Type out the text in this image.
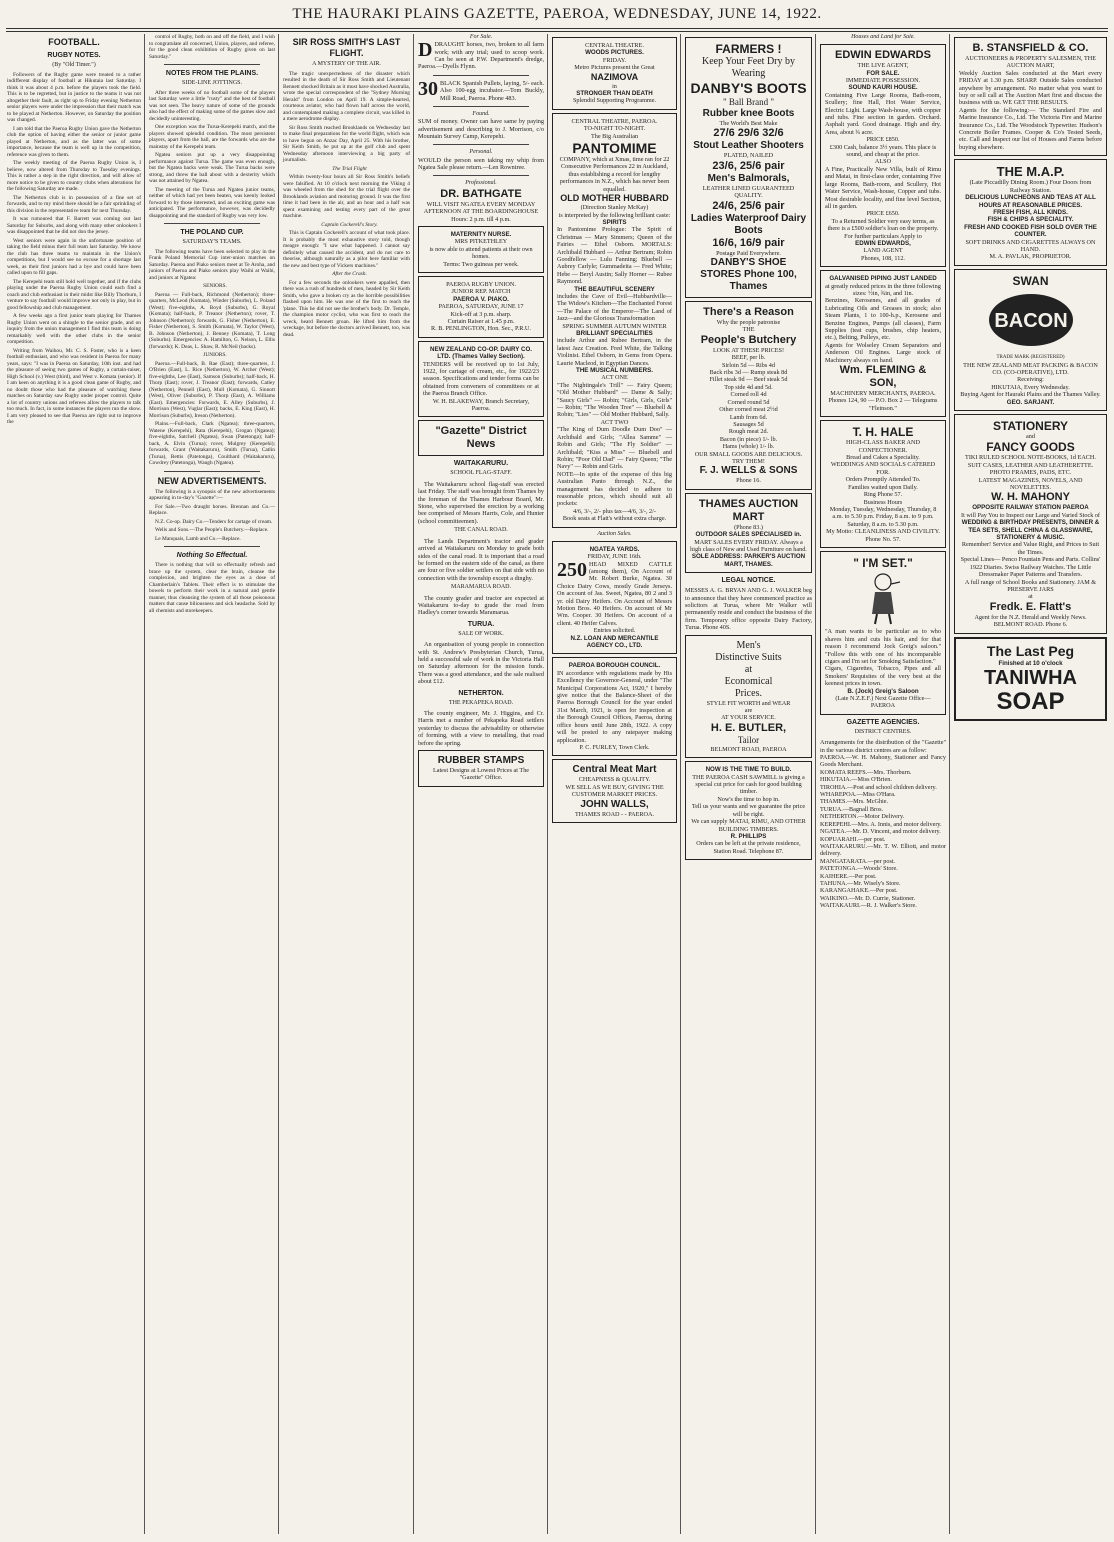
THE HAURAKI PLAINS GAZETTE, PAEROA, WEDNESDAY, JUNE 14, 1922.
FOOTBALL.
RUGBY NOTES.
(By "Old Timer.")

Followers of the Rugby game were treated to a rather indifferent display of football at Hikutaia last Saturday. I think it was about 4 p.m. before the players took the field. This is to be regretted, but in justice to the teams it was not altogether their fault, as right up to Friday evening Netherton senior players were under the impression that their match was to be played at Netherton. However, on Saturday the position was changed.

I am told that the Paeroa Rugby Union gave the Netherton club the option of having either the senior or junior game played at Netherton, and as the latter was of some importance, because the team is well up in the competition, reference was given to them.

The weekly meeting of the Paeroa Rugby Union is, I believe, now altered from Thursday to Tuesday evenings. This is rather a step in the right direction, and will allow of more notice to be given to country clubs when alterations for the following Saturday are made.

The Netherton club is in possession of a fine set of forwards, and to my mind there should be a fair sprinkling of this division in the representative team for next Thursday.

It was rumoured that F. Barrett was coming out last Saturday for Suburbs, and along with many other onlookers I was disappointed that he did not don the jersey.

West seniors were again in the unfortunate position of taking the field minus their full team last Saturday. We know the club has three teams to maintain in the Union's competitions, but I would see no excuse for a shortage last week, as their first juniors had a bye and could have been called upon to fill gaps.

The Kerepehi team still hold well together, and if the clubs playing under the Paeroa Rugby Union could each find a coach and club enthusiast in their midst like Billy Thorburn, I venture to say football would improve not only in play, but in good fellowship and club management.

A few weeks ago a first junior team playing for Thames Rugby Union went on a shingle to the senior grade, and on inquiry from the union management I find this team is doing remarkably well with the other clubs in the senior competition.

Writing from Waihou, Mr. C. S. Foster, who is a keen football enthusiast, and who was resident in Paeroa for many years, says: "I was in Paeroa on Saturday, 10th inst. and had the pleasure of seeing two games of Rugby, a curtain-raiser, High School (v.) West (third), and West v. Komata (senior). If I am keen on anything it is a good clean game of Rugby, and no doubt those who had the pleasure of watching these matches on Saturday saw Rugby under proper control. Quite a lot of country unions and referees allow the players to talk too much. In fact, in some instances the players run the show. I am very pleased to see that Paeroa are right out to improve the

control of Rugby, both on and off the field, and I wish to congratulate all concerned, Union, players, and referee, for the good clean exhibition of Rugby given on last Saturday."

NOTES FROM THE PLAINS.
SIDE-LINE JOTTINGS.

After three weeks of no football some of the players last Saturday were a little "rusty" and the best of football was not seen. The heavy nature of some of the grounds also had the effect of making some of the games slow and decidedly uninteresting.

One exception was the Turua-Kerepehi match, and the players showed splendid condition. The most persistent players, apart from the ball, are the forwards who are the mainstay of the Kerepehi team.

Ngatea seniors put up a very disappointing performance against Turua. The game was even enough, but the Ngatea backs were weak. The Turua backs were strong, and threw the ball about with a dexterity which was not attained by Ngatea.

The meeting of the Turua and Ngatea junior teams, neither of which had yet been beaten, was keenly looked forward to by those interested, and an exciting game was anticipated. The performance, however, was decidedly disappointing and the standard of Rugby was very low.

THE POLAND CUP.
SATURDAY'S TEAMS.

The following teams have been selected to play in the Frank Poland Memorial Cup inter-union matches on Saturday. Paeroa and Piako seniors meet at Te Aroha, and juniors of Paeroa and Piako seniors play Waihi at Waihi, and juniors at Ngatea:

SENIORS.

Paeroa — Full-back, Richmond (Netherton); three-quarters, McLeod (Komata), Winder (Suburbs), L. Poland (West); five-eighths, A. Boyd (Suburbs), G. Royal (Komata); half-back, P. Treanor (Netherton); rover, T. Johnson (Netherton); forwards, G. Fisher (Netherton), E. Fisher (Netherton), S. Smith (Komata), W. Taylor (West), B. Johnson (Netherton), J. Benney (Komata), T. Long (Suburbs). Emergencies: A. Hamilton, G. Nelson, L. Ellis (forwards); K. Deas, L. Shaw, R. McNeil (backs).

JUNIORS.

Paeroa.—Full-back, B. Rae (East); three-quarters, J. O'Brien (East), L. Rice (Netherton), W. Archer (West); five-eighths, Lee (East), Samson (Suburbs); half-back, H. Thorp (East); rover, J. Treanor (East); forwards, Catley (Netherton), Pennell (East), Mull (Komata), G. Sinnott (West), Oliver (Suburbs), P. Thorp (East), A. Williams (East). Emergencies: Forwards, E. Alley (Suburbs), J. Morrison (West), Vuglar (East); backs, E. King (East), H. Morrison (Suburbs), Ireson (Netherton).

Plains.—Full-back, Clark (Ngatea); three-quarters, Watene (Kerepehi), Rata (Kerepehi), Grogan (Ngatea); five-eighths, Satchell (Ngatea), Swan (Patetonga); half-back, A. Elvin (Turua); rover, Mulgrey (Kerepehi); forwards, Grant (Waitakaruru), Smith (Turua), Catlin (Turua), Bettis (Patetonga), Coulthard (Waitakaruru), Cowdrey (Patetonga), Waugh (Ngatea).

NEW ADVERTISEMENTS.

The following is a synopsis of the new advertisements appearing in to-day's "Gazette":—

For Sale.—Two draught horses. Brennan and Co.—Replace.

N.Z. Co-op. Dairy Co.—Tenders for cartage of cream.

Wells and Sons.—The People's Butchery.—Replace.

Le Manquais, Lamb and Co.—Replace.

Nothing So Effectual.

There is nothing that will so effectually refresh and brace up the system, clear the brain, cleanse the complexion, and brighten the eyes as a dose of Chamberlain's Tablets. Their effect is to stimulate the bowels to perform their work in a natural and gentle manner, thus cleansing the system of all those poisonous matters that cause biliousness and sick headache. Sold by all chemists and storekeepers.

SIR ROSS SMITH'S LAST FLIGHT.
A MYSTERY OF THE AIR.

The tragic unexpectedness of the disaster which resulted in the death of Sir Ross Smith and Lieutenant Bennett shocked Britain as it must have shocked Australia, wrote the special correspondent of the "Sydney Morning Herald" from London on April 19. A simple-hearted, courteous aviator, who had flown half across the world, and contemplated making a complete circuit, was killed in a mere aerodrome display.

Sir Ross Smith reached Brooklands on Wednesday last to make final preparations for the world flight, which was to have begun on Anzac Day, April 25. With his brother, Sir Keith Smith, he put up at the golf club and spent Wednesday afternoon interviewing a big party of journalists.

The Trial Flight

Within twenty-four hours all Sir Ross Smith's beliefs were falsified. At 10 o'clock next morning the Viking 4 was wheeled from the shed for the trial flight over the Brooklands aviation and motoring ground. It was the first time it had been in the air, and an hour and a half was spent examining and testing every part of the great machine.

Captain Cockerell's Story.

This is Captain Cockerell's account of what took place. It is probably the most exhaustive story told, though meagre enough: "I saw what happened. I cannot say definitely what caused the accident, and do not care to theorise, although naturally as a pilot here familiar with the new and best type of Vickers machines."

After the Crash.

For a few seconds the onlookers were appalled, then there was a rush of hundreds of men, headed by Sir Keith Smith, who gave a broken cry as the horrible possibilities flashed upon him. He was one of the first to reach the 'plane. This he did not see the brother's body. Dr. Temple, the champion motor cyclist, who was first to reach the wreck, heard Bennett groan. He lifted him from the wreckage, but before the doctors arrived Bennett, too, was dead.

For Sale.
DDRAUGHT horses, two, broken to all farm work; with any trial; used to scoop work. Can be seen at P.W. Department's dredge, Paeroa.—Dyells Flynn.
30 BLACK Spanish Pullets, laying, 5/- each. Also 100-egg incubator.—Tom Buckly, Mill Road, Paeroa. Phone 483.
Found.
SUM of money. Owner can have same by paying advertisement and describing to J. Morrison, c/o Mountain Survey Camp, Kerepehi.
Personal.
WOULD the person seen taking my whip from Ngatea Sale please return.—Len Rowntree.
Professional.
DR. BATHGATE
WILL VISIT NGATEA EVERY MONDAY AFTERNOON AT THE BOARDINGHOUSE
Hours: 2 p.m. till 4 p.m.
MATERNITY NURSE.
MRS PITKETHLEY
is now able to attend patients at their own homes.
Terms: Two guineas per week.
PAEROA RUGBY UNION.
JUNIOR REP. MATCH
PAEROA V. PIAKO.
PAEROA, SATURDAY, JUNE 17
Kick-off at 3 p.m. sharp.
Curtain Raiser at 1.45 p.m.
R. B. PENLINGTON, Hon. Sec., P.R.U.
NEW ZEALAND CO-OP. DAIRY CO. LTD. (Thames Valley Section).
TENDERS will be received up to 1st July, 1922, for cartage of cream, etc., for 1922/23 season. Specifications and tender forms can be obtained from conveners of committees or at the Paeroa Branch Office.
W. H. BLAKEWAY, Branch Secretary, Paeroa.
"Gazette" District News
WAITAKARURU.
SCHOOL FLAG-STAFF.

The Waitakaruru school flag-staff was erected last Friday. The staff was brought from Thames by the foreman of the Thames Harbour Board, Mr. Stone, who supervised the erection by a working bee comprised of Messrs Harris, Cole, and Hunter (school committeemen).

THE CANAL ROAD.

The Lands Department's tractor and grader arrived at Waitakaruru on Monday to grade both sides of the canal road. It is important that a road be formed on the eastern side of the canal, as there are four or five soldier settlers on that side with no connection with the township except a dinghy.

MARAMARUA ROAD.

The county grader and tractor are expected at Waitakaruru to-day to grade the road from Hadley's corner towards Maramarua.

TURUA.
SALE OF WORK.

An organisation of young people in connection with St. Andrew's Presbyterian Church, Turua, held a successful sale of work in the Victoria Hall on Saturday afternoon for the mission funds. There was a good attendance, and the sale realised about £12.

NETHERTON.
THE PEKAPEKA ROAD.

The county engineer, Mr. J. Higgins, and Cr. Harris met a number of Pekapeka Road settlers yesterday to discuss the advisability or otherwise of forming, with a view to metalling, that road before the spring.

RUBBER STAMPS
Latest Designs at Lowest Prices at The "Gazette" Office.
CENTRAL THEATRE.
WOODS PICTURES.
FRIDAY.
Metro Pictures present the Great
NAZIMOVA
in
STRONGER THAN DEATH
Splendid Supporting Programme.
CENTRAL THEATRE, PAEROA.
TO-NIGHT TO-NIGHT.
The Big Australian
PANTOMIME
COMPANY, which at Xmas, time ran for 22 Consecutive Performances 22 in Auckland,
thus establishing a record for lengthy performances in N.Z., which has never been equalled.
OLD MOTHER HUBBARD
(Direction Stanley McKay)
is interpreted by the following brilliant caste:
SPIRITS
In Pantomime Prologue: The Spirit of Christmas — Mary Simmers; Queen of the Fairies — Ethel Osborn. MORTALS: Archibald Hubbard — Arthur Bertram; Robin Goodfellow — Lulu Fanning; Bluebell — Aubrey Carlyle; Gummadeita — Fred White; Hebe — Beryl Austin; Sally Horner — Rubee Raymond.
THE BEAUTIFUL SCENERY
includes the Cave of Evil—Hubbardville—The Widow's Kitchen—The Enchanted Forest—The Palace of the Emperor—The Land of Jazz—and the Glorious Transformation
SPRING SUMMER AUTUMN WINTER
BRILLIANT SPECIALITIES
include Arthur and Rubee Bertram, in the latest Jazz Creation. Fred White, the Talking Violinist. Ethel Osborn, in Gems from Opera. Laurie Macleod, in Egyptian Dances.
THE MUSICAL NUMBERS.
ACT ONE
"The Nightingale's Trill" — Fairy Queen; "Old Mother Hubbard" — Dame & Sally; "Saucy Girls" — Robin; "Girls, Girls, Girls" — Robin; "The Wooden Tree" — Bluebell & Robin; "Lies" — Old Mother Hubbard, Sally.
ACT TWO
"The King of Dum Doodle Dum Doo" — Archibald and Girls; "Allea Samme" — Robin and Girls; "The Fly Soldier" — Archibald; "Kiss a Miss" — Bluebell and Robin; "Poor Old Dad" — Fairy Queen; "The Navy" — Robin and Girls.
NOTE—In spite of the expense of this big Australian Panto through N.Z., the management has decided to adhere to reasonable prices, which should suit all pockets:
4/6, 3/-, 2/- plus tax—4/6, 3/-, 2/-
Book seats at Flatt's without extra charge.
Auction Sales.
NGATEA YARDS.
FRIDAY, JUNE 16th.
250 HEAD MIXED CATTLE (among them), On Account of Mr. Robert Burke, Ngatea. 30 Choice Dairy Cows, mostly Grade Jerseys. On account of Jas. Sweet, Ngatea, 80 2 and 3 yr. old Dairy Heifers. On Account of Messrs Motion Bros. 40 Heifers. On account of Mr Wm. Cooper. 30 Heifers. On account of a client. 40 Heifer Calves.
Entries solicited.
N.Z. LOAN AND MERCANTILE AGENCY CO., LTD.
PAEROA BOROUGH COUNCIL.
IN accordance with regulations made by His Excellency the Governor-General, under "The Municipal Corporations Act, 1920," I hereby give notice that the Balance-Sheet of the Paeroa Borough Council for the year ended 31st March, 1921, is open for inspection at the Borough Council Offices, Paeroa, during office hours until June 28th, 1922. A copy will be posted to any ratepayer making application.
P. C. FURLEY, Town Clerk.
Central Meat Mart
CHEAPNESS & QUALITY.
WE SELL AS WE BUY, GIVING THE CUSTOMER MARKET PRICES.
JOHN WALLS,
THAMES ROAD - - PAEROA.
FARMERS !
Keep Your Feet Dry by Wearing
DANBY'S BOOTS
" Ball Brand "
Rubber knee Boots
The World's Best Make
27/6 29/6 32/6
Stout Leather Shooters
PLATED, NAILED
23/6, 25/6 pair
Men's Balmorals,
LEATHER LINED GUARANTEED QUALITY.
24/6, 25/6 pair
Ladies Waterproof Dairy Boots
16/6, 16/9 pair
Postage Paid Everywhere.
DANBY'S SHOE STORES Phone 100, Thames
There's a Reason
Why the people patronise
THE
People's Butchery
LOOK AT THESE PRICES!
BEEF, per lb.
Sirloin 5d — Ribs 4d
Back ribs 3d — Rump steak 8d
Fillet steak 9d — Beef steak 5d
Top side 4d and 5d.
Corned roll 4d
Corned round 5d
Other corned meat 2½d
Lamb from 6d.
Sausages 5d
Rough meat 2d.
Bacon (in piece) 1/- lb.
Hams (whole) 1/- lb.
OUR SMALL GOODS ARE DELICIOUS. TRY THEM!
F. J. WELLS & SONS
Phone 16.
THAMES AUCTION MART
(Phone 83.)
OUTDOOR SALES SPECIALISED in.
MART SALES EVERY FRIDAY. Always a high class of New and Used Furniture on hand.
SOLE ADDRESS: PARKER'S AUCTION MART, THAMES.
LEGAL NOTICE.
MESSES A. G. BRYAN AND G. J. WALKER beg to announce that they have commenced practice as solicitors at Turua, where Mr Walker will permanently reside and conduct the business of the firm. Temporary office opposite Dairy Factory, Turua. Phone 40S.
Men's
Distinctive Suits
at
Economical
Prices.
STYLE FIT WORTH and WEAR
are
AT YOUR SERVICE.
H. E. BUTLER,
Tailor
BELMONT ROAD, PAEROA
NOW IS THE TIME TO BUILD.
THE PAEROA CASH SAWMILL is giving a special cut price for cash for good building timber.
Now's the time to hop in.
Tell us your wants and we guarantee the price will be right.
We can supply MATAI, RIMU, AND OTHER BUILDING TIMBERS.
R. PHILLIPS
Orders can be left at the private residence, Station Road. Telephone 87.
Houses and Land for Sale.
EDWIN EDWARDS
THE LIVE AGENT,
FOR SALE.
IMMEDIATE POSSESSION.
SOUND KAURI HOUSE.
Containing Five Large Rooms, Bath-room, Scullery; fine Hall, Hot Water Service, Electric Light. Large Wash-house, with copper and tubs. Fine section in garden. Orchard. Asphalt yard. Good drainage. High and dry. Area, about ¾ acre.
PRICE £850.
£300 Cash, balance 3½ years. This place is sound, and cheap at the price.
ALSO
A Fine, Practically New Villa, built of Rimu and Matai, in first-class order, containing Five large Rooms, Bath-room, and Scullery, Hot Water Service, Wash-house, Copper and tubs. Most desirable locality, and fine level Section, all in garden.
PRICE £650.
To a Returned Soldier very easy terms, as there is a £500 soldier's loan on the property.
For further particulars Apply to
EDWIN EDWARDS,
LAND AGENT
Phones, 108, 112.
GALVANISED PIPING JUST LANDED
at greatly reduced prices in the three following sizes: ½in, ¾in, and 1in.
Benzines, Kerosenes, and all grades of Lubricating Oils and Greases in stock; also Steam Plants, 1 to 100-h.p., Kerosene and Benzine Engines, Pumps (all classes), Farm Supplies (teat cups, brushes, chip heaters, etc.), Belting, Pulleys, etc.
Agents for Wolseley Cream Separators and Anderson Oil Engines. Large stock of Machinery always on hand.
Wm. FLEMING & SON,
MACHINERY MERCHANTS, PAEROA.
Phones 124, 90 — P.O. Box 2 — Telegrams "Fleinson."
T. H. HALE
HIGH-CLASS BAKER AND CONFECTIONER.
Bread and Cakes a Speciality.
WEDDINGS AND SOCIALS CATERED FOR.
Orders Promptly Attended To.
Families waited upon Daily.
Ring Phone 57.
Business Hours
Monday, Tuesday, Wednesday, Thursday, 8 a.m. to 5.30 p.m. Friday, 8 a.m. to 9 p.m. Saturday, 8 a.m. to 5.30 p.m.
My Motto: CLEANLINESS AND CIVILITY. Phone No. 57.
" I'M SET."
"A man wants to be particular as to who shaves him and cuts his hair, and for that reason I recommend Jock Greig's saloon." "Follow this with one of his incomparable cigars and I'm set for Smoking Satisfaction."
Cigars, Cigarettes, Tobacco, Pipes and all Smokers' Requisites of the very best at the keenest prices in town.
B. (Jock) Greig's Saloon
(Late N.Z.E.F.) Next Gazette Office—PAEROA
GAZETTE AGENCIES.
DISTRICT CENTRES.
Arrangements for the distribution of the "Gazette" in the various district centres are as follow:
PAEROA.—W. H. Mahony, Stationer and Fancy Goods Merchant.
KOMATA REEFS.—Mrs. Thorburn.
HIKUTAIA.—Miss O'Brien.
TIROHIA.—Post and school children delivery.
WHAREPOA.—Miss O'Hara.
THAMES.—Mrs. McGhie.
TURUA.—Bagnall Bros.
NETHERTON.—Motor Delivery.
KEREPEHI.—Mrs. A. Innis, and motor delivery.
NGATEA.—Mr. D. Vincent, and motor delivery.
KOPUARAHI.—per post.
WAITAKARURU.—Mr. T. W. Elliott, and motor delivery.
MANGATARATA.—per post.
PATETONGA.—Woods' Store.
KAIHERE.—Per post.
TAHUNA.—Mr. Wisely's Store.
KARANGAHAKE.—Per post.
WAIKINO.—Mr. D. Currie, Stationer.
WAITAKAURI.—R. J. Walker's Store.
B. STANSFIELD & CO.
AUCTIONEERS & PROPERTY SALESMEN, THE AUCTION MART,
Weekly Auction Sales conducted at the Mart every FRIDAY at 1.30 p.m. SHARP. Outside Sales conducted anywhere by arrangement. No matter what you want to buy or sell call at The Auction Mart first and discuss the business with us. WE GET THE RESULTS.
Agents for the following:— The Standard Fire and Marine Insurance Co., Ltd. The Victoria Fire and Marine Insurance Co., Ltd. The Woodstock Typewriter. Hudson's Concrete Boiler Frames. Cooper & Co's Tested Seeds, etc. Call and Inspect our list of Houses and Farms before buying elsewhere.
THE M.A.P.
(Late Piccadilly Dining Room.) Four Doors from Railway Station.
DELICIOUS LUNCHEONS AND TEAS AT ALL HOURS AT REASONABLE PRICES.
FRESH FISH, ALL KINDS.
FISH & CHIPS A SPECIALITY.
FRESH AND COOKED FISH SOLD OVER THE COUNTER.
SOFT DRINKS AND CIGARETTES ALWAYS ON HAND.
M. A. PAVLAK, PROPRIETOR.
SWAN
BACON
TRADE MARK (REGISTERED)
THE NEW ZEALAND MEAT PACKING & BACON CO. (CO-OPERATIVE), LTD.
Receiving:
HIKUTAIA, Every Wednesday.
Buying Agent for Hauraki Plains and the Thames Valley.
GEO. SARJANT.
STATIONERY
and
FANCY GOODS
TIKI RULED SCHOOL NOTE-BOOKS, 1d EACH.
SUIT CASES, LEATHER AND LEATHERETTE.
PHOTO FRAMES, PADS, ETC.
LATEST MAGAZINES, NOVELS, AND NOVELETTES.
W. H. MAHONY
OPPOSITE RAILWAY STATION PAEROA
It will Pay You to Inspect our Large and Varied Stock of
WEDDING & BIRTHDAY PRESENTS, DINNER & TEA SETS, SHELL CHINA & GLASSWARE, STATIONERY & MUSIC.
Remember! Service and Value Right, and Prices to Suit the Times.
Special Lines— Penco Fountain Pens and Parts. Collins' 1922 Diaries. Swiss Railway Watches. The Little Dressmaker Paper Patterns and Transfers.
A full range of School Books and Stationery. JAM & PRESERVE JARS
at
Fredk. E. Flatt's
Agent for the N.Z. Herald and Weekly News. BELMONT ROAD. Phone 6.
The Last Peg
Finished at 10 o'clock
TANIWHA
SOAP
